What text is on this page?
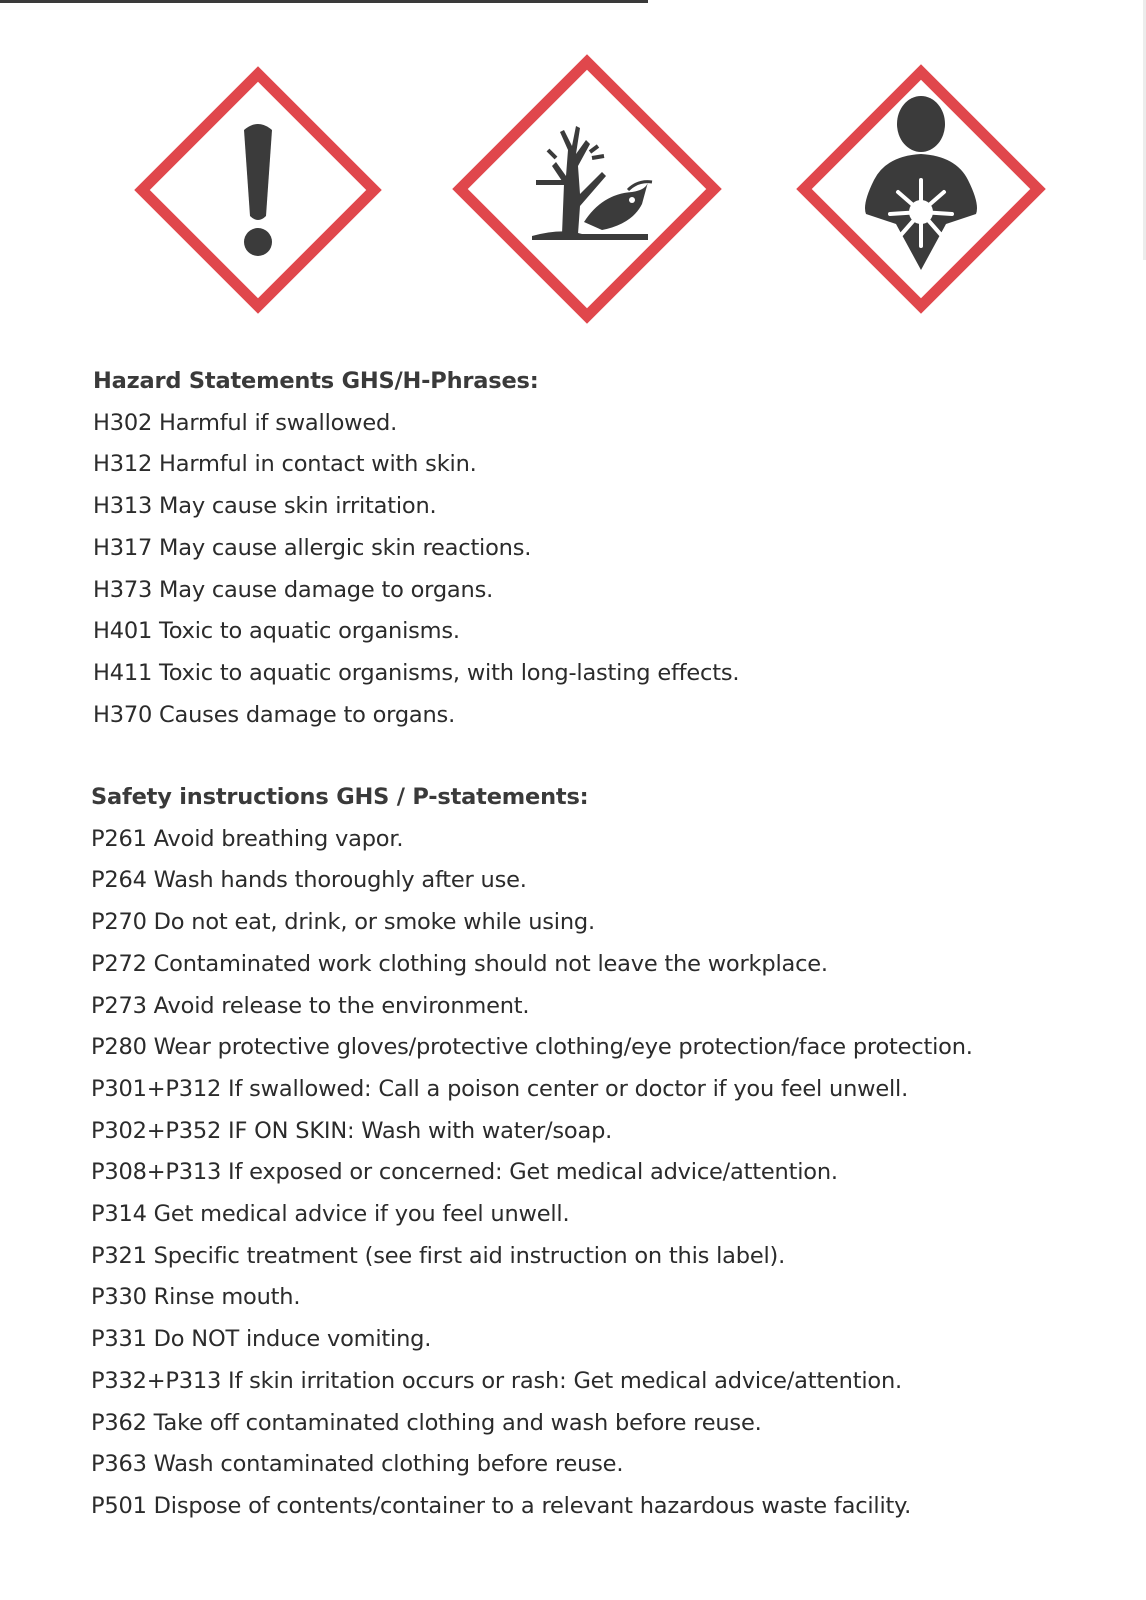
Hazard Statements GHS/H-Phrases:
H302 Harmful if swallowed.
H312 Harmful in contact with skin.
H313 May cause skin irritation.
H317 May cause allergic skin reactions.
H373 May cause damage to organs.
H401 Toxic to aquatic organisms.
H411 Toxic to aquatic organisms, with long-lasting effects.
H370 Causes damage to organs.
Safety instructions GHS / P-statements:
P261 Avoid breathing vapor.
P264 Wash hands thoroughly after use.
P270 Do not eat, drink, or smoke while using.
P272 Contaminated work clothing should not leave the workplace.
P273 Avoid release to the environment.
P280 Wear protective gloves/protective clothing/eye protection/face protection.
P301+P312 If swallowed: Call a poison center or doctor if you feel unwell.
P302+P352 IF ON SKIN: Wash with water/soap.
P308+P313 If exposed or concerned: Get medical advice/attention.
P314 Get medical advice if you feel unwell.
P321 Specific treatment (see first aid instruction on this label).
P330 Rinse mouth.
P331 Do NOT induce vomiting.
P332+P313 If skin irritation occurs or rash: Get medical advice/attention.
P362 Take off contaminated clothing and wash before reuse.
P363 Wash contaminated clothing before reuse.
P501 Dispose of contents/container to a relevant hazardous waste facility.
